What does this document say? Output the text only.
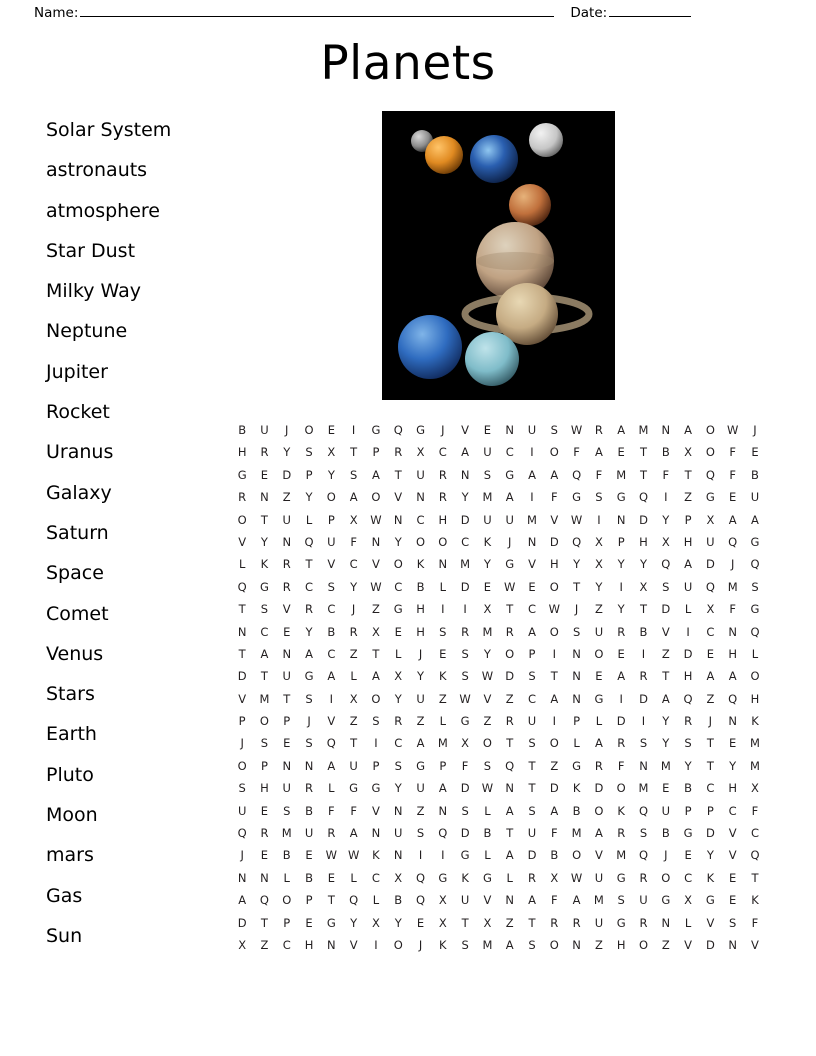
Name:	Date:
Planets
Solar System
astronauts
atmosphere
Star Dust
Milky Way
Neptune
Jupiter
Rocket
Uranus
Galaxy
Saturn
Space
Comet
Venus
Stars
Earth
Pluto
Moon
mars
Gas
Sun
B	U	J	O	E	I	G	Q	G	J	V	E	N	U	S	W	R	A	M	N	A	O	W	J
H	R	Y	S	X	T	P	R	X	C	A	U	C	I	O	F	A	E	T	B	X	O	F	E
G	E	D	P	Y	S	A	T	U	R	N	S	G	A	A	Q	F	M	T	F	T	Q	F	B
R	N	Z	Y	O	A	O	V	N	R	Y	M	A	I	F	G	S	G	Q	I	Z	G	E	U
O	T	U	L	P	X	W	N	C	H	D	U	U	M	V	W	I	N	D	Y	P	X	A	A
V	Y	N	Q	U	F	N	Y	O	O	C	K	J	N	D	Q	X	P	H	X	H	U	Q	G
L	K	R	T	V	C	V	O	K	N	M	Y	G	V	H	Y	X	Y	Y	Q	A	D	J	Q
Q	G	R	C	S	Y	W	C	B	L	D	E	W	E	O	T	Y	I	X	S	U	Q	M	S
T	S	V	R	C	J	Z	G	H	I	I	X	T	C	W	J	Z	Y	T	D	L	X	F	G
N	C	E	Y	B	R	X	E	H	S	R	M	R	A	O	S	U	R	B	V	I	C	N	Q
T	A	N	A	C	Z	T	L	J	E	S	Y	O	P	I	N	O	E	I	Z	D	E	H	L
D	T	U	G	A	L	A	X	Y	K	S	W	D	S	T	N	E	A	R	T	H	A	A	O
V	M	T	S	I	X	O	Y	U	Z	W	V	Z	C	A	N	G	I	D	A	Q	Z	Q	H
P	O	P	J	V	Z	S	R	Z	L	G	Z	R	U	I	P	L	D	I	Y	R	J	N	K
J	S	E	S	Q	T	I	C	A	M	X	O	T	S	O	L	A	R	S	Y	S	T	E	M
O	P	N	N	A	U	P	S	G	P	F	S	Q	T	Z	G	R	F	N	M	Y	T	Y	M
S	H	U	R	L	G	G	Y	U	A	D	W	N	T	D	K	D	O	M	E	B	C	H	X
U	E	S	B	F	F	V	N	Z	N	S	L	A	S	A	B	O	K	Q	U	P	P	C	F
Q	R	M	U	R	A	N	U	S	Q	D	B	T	U	F	M	A	R	S	B	G	D	V	C
J	E	B	E	W W	K	N	I	I	G	L	A	D	B	O	V	M	Q	J	E	Y	V	Q
N	N	L	B	E	L	C	X	Q	G	K	G	L	R	X	W	U	G	R	O	C	K	E	T
A	Q	O	P	T	Q	L	B	Q	X	U	V	N	A	F	A	M	S	U	G	X	G	E	K
D	T	P	E	G	Y	X	Y	E	X	T	X	Z	T	R	R	U	G	R	N	L	V	S	F
X	Z	C	H	N	V	I	O	J	K	S	M	A	S	O	N	Z	H	O	Z	V	D	N	V
